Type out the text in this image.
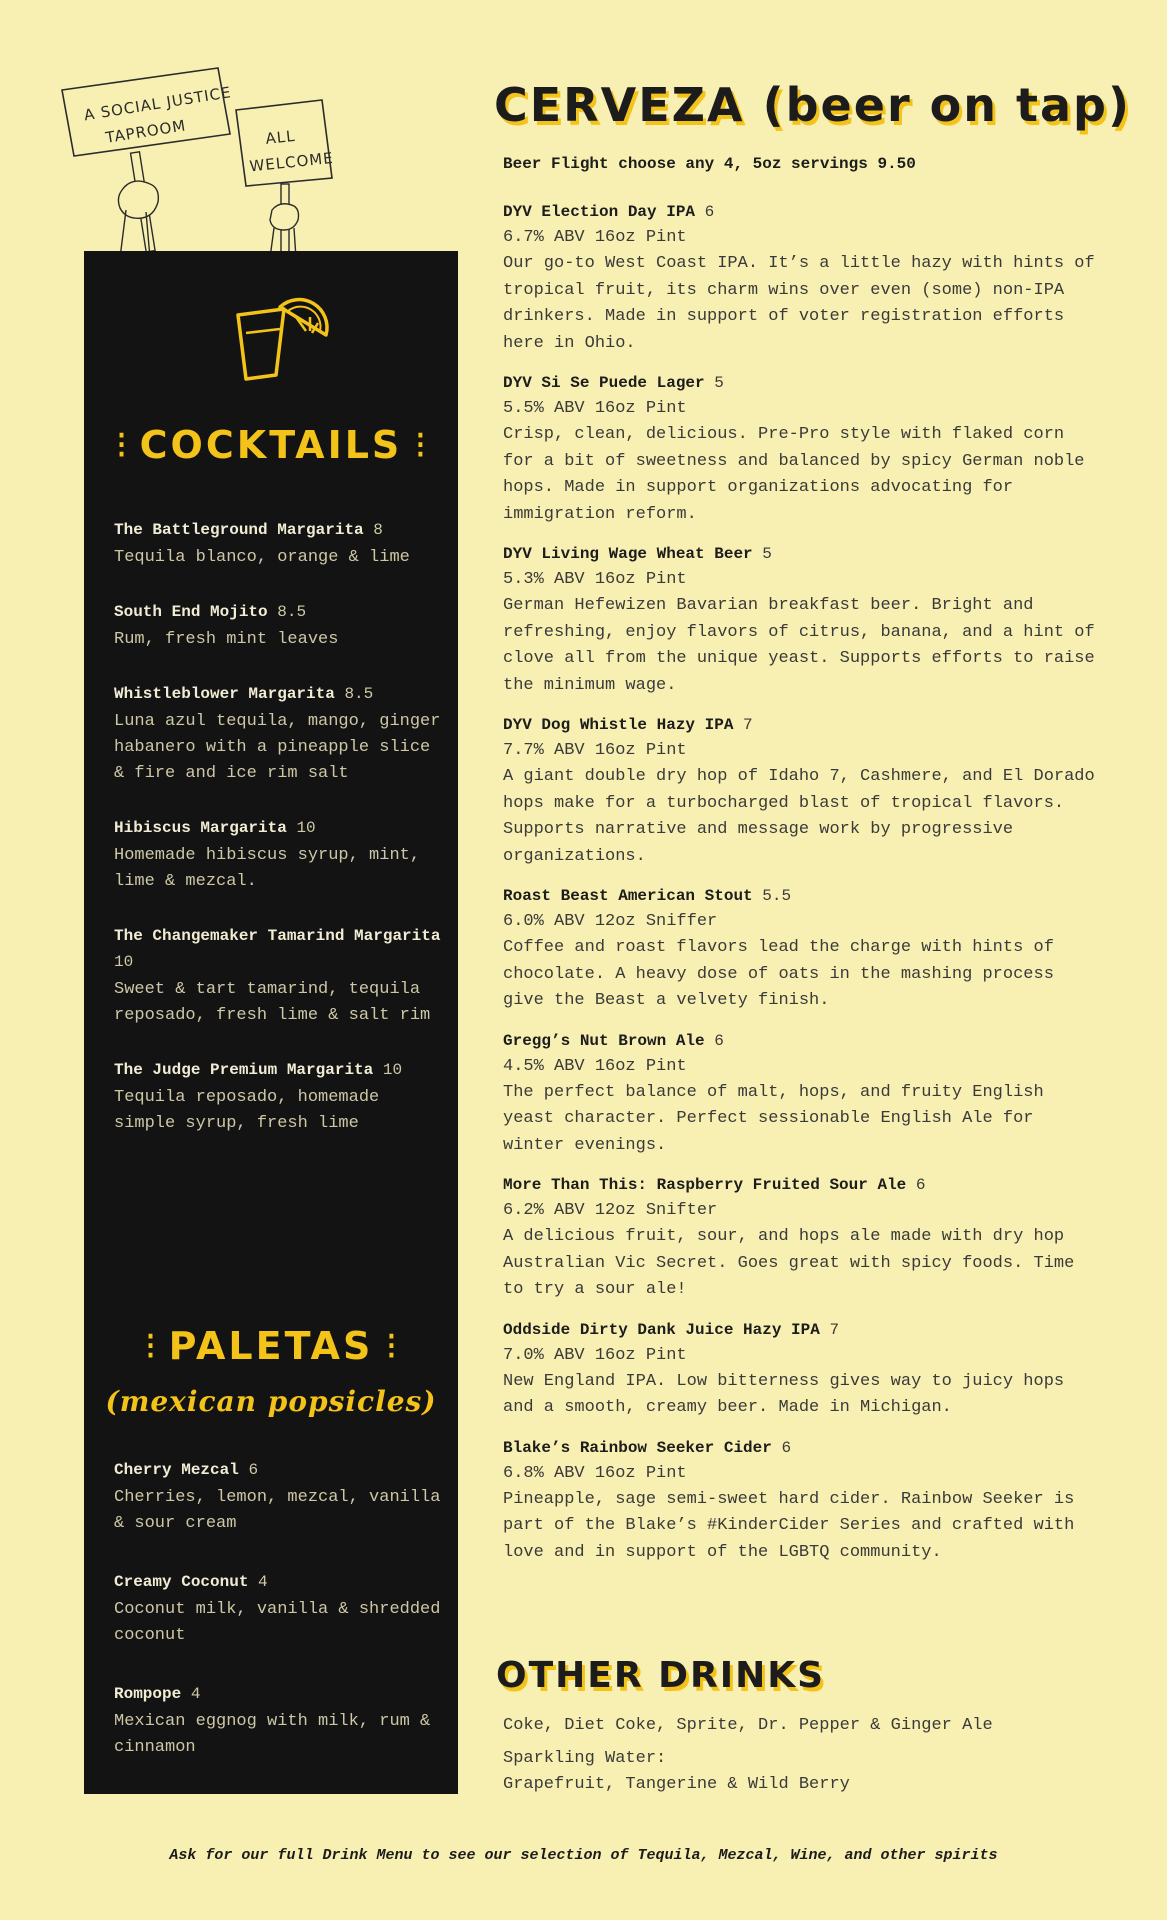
A SOCIAL JUSTICE
TAPROOM	ALL
WELCOME
⁝ COCKTAILS ⁝
The Battleground Margarita 8
Tequila blanco, orange & lime
South End Mojito 8.5
Rum, fresh mint leaves
Whistleblower Margarita 8.5
Luna azul tequila, mango, ginger habanero with a pineapple slice & fire and ice rim salt
Hibiscus Margarita 10
Homemade hibiscus syrup, mint, lime & mezcal.
The Changemaker Tamarind Margarita 10
Sweet & tart tamarind, tequila reposado, fresh lime & salt rim
The Judge Premium Margarita 10
Tequila reposado, homemade simple syrup, fresh lime
⁝ PALETAS ⁝
(mexican popsicles)
Cherry Mezcal 6
Cherries, lemon, mezcal, vanilla & sour cream
Creamy Coconut 4
Coconut milk, vanilla & shredded coconut
Rompope 4
Mexican eggnog with milk, rum & cinnamon
CERVEZA (beer on tap)
Beer Flight choose any 4, 5oz servings 9.50
DYV Election Day IPA 6
6.7% ABV 16oz Pint
Our go-to West Coast IPA. It’s a little hazy with hints of tropical fruit, its charm wins over even (some) non-IPA drinkers. Made in support of voter registration efforts here in Ohio.
DYV Si Se Puede Lager 5
5.5% ABV 16oz Pint
Crisp, clean, delicious. Pre-Pro style with flaked corn for a bit of sweetness and balanced by spicy German noble hops. Made in support organizations advocating for immigration reform.
DYV Living Wage Wheat Beer 5
5.3% ABV 16oz Pint
German Hefewizen Bavarian breakfast beer. Bright and refreshing, enjoy flavors of citrus, banana, and a hint of clove all from the unique yeast. Supports efforts to raise the minimum wage.
DYV Dog Whistle Hazy IPA 7
7.7% ABV 16oz Pint
A giant double dry hop of Idaho 7, Cashmere, and El Dorado hops make for a turbocharged blast of tropical flavors. Supports narrative and message work by progressive organizations.
Roast Beast American Stout 5.5
6.0% ABV 12oz Sniffer
Coffee and roast flavors lead the charge with hints of chocolate. A heavy dose of oats in the mashing process give the Beast a velvety finish.
Gregg’s Nut Brown Ale 6
4.5% ABV 16oz Pint
The perfect balance of malt, hops, and fruity English yeast character. Perfect sessionable English Ale for winter evenings.
More Than This: Raspberry Fruited Sour Ale 6
6.2% ABV 12oz Snifter
A delicious fruit, sour, and hops ale made with dry hop Australian Vic Secret. Goes great with spicy foods. Time to try a sour ale!
Oddside Dirty Dank Juice Hazy IPA 7
7.0% ABV 16oz Pint
New England IPA. Low bitterness gives way to juicy hops and a smooth, creamy beer. Made in Michigan.
Blake’s Rainbow Seeker Cider 6
6.8% ABV 16oz Pint
Pineapple, sage semi-sweet hard cider. Rainbow Seeker is part of the Blake’s #KinderCider Series and crafted with love and in support of the LGBTQ community.
OTHER DRINKS
Coke, Diet Coke, Sprite, Dr. Pepper & Ginger Ale
Sparkling Water:
Grapefruit, Tangerine & Wild Berry
Ask for our full Drink Menu to see our selection of Tequila, Mezcal, Wine, and other spirits
